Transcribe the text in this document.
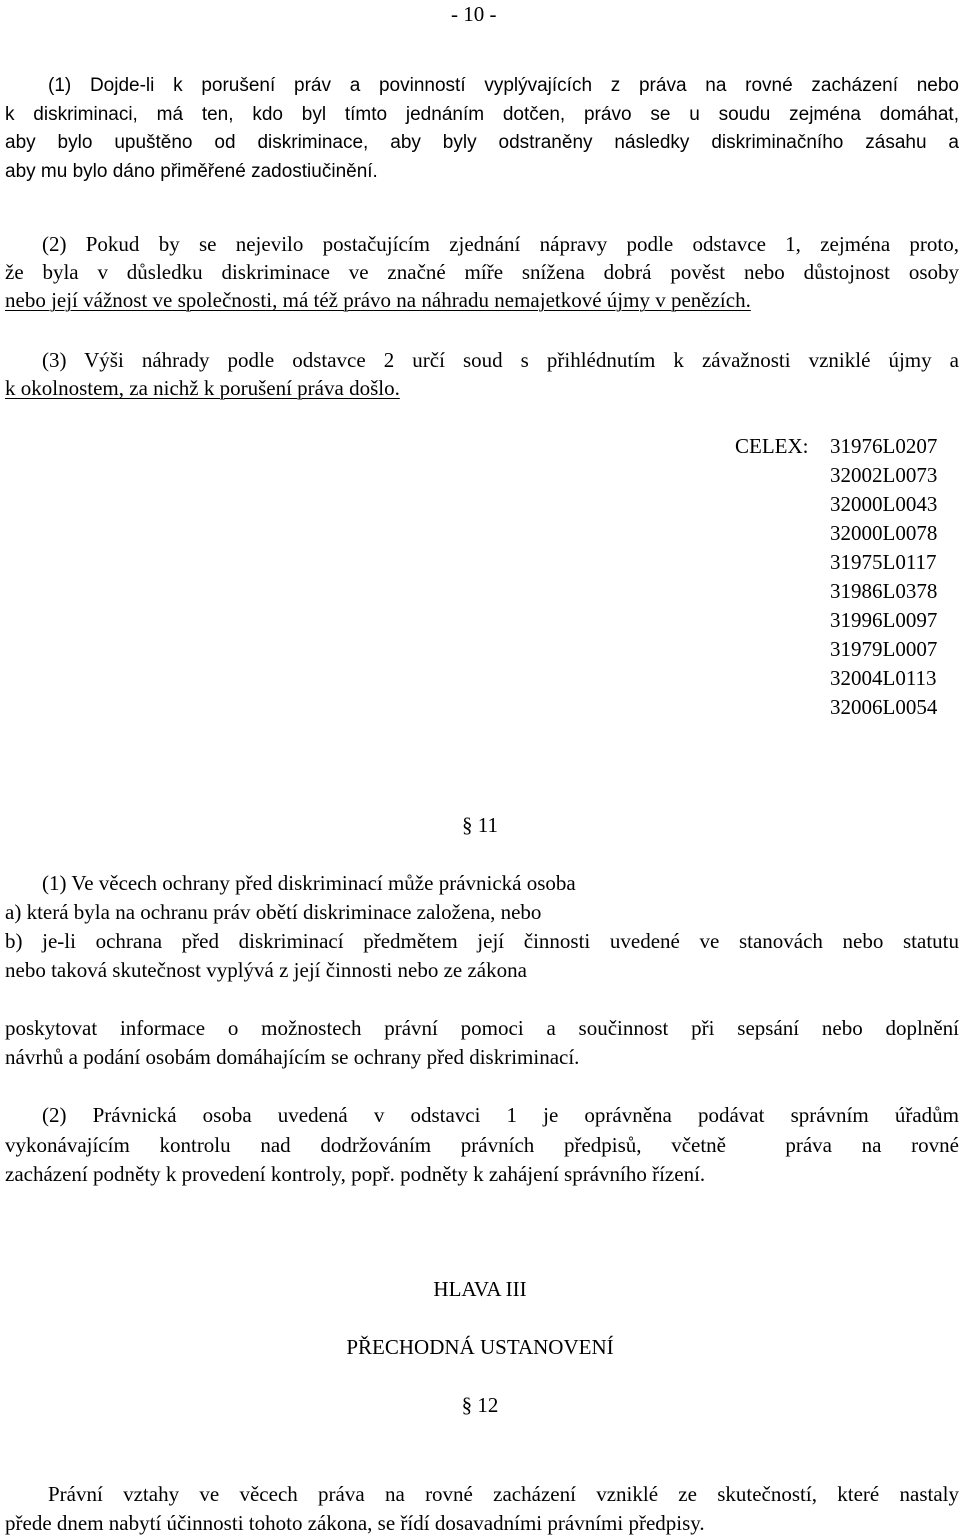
- 10 -
(1) Dojde-li k porušení práv a povinností vyplývajících z práva na rovné zacházení nebo
k diskriminaci, má ten, kdo byl tímto jednáním dotčen, právo se u soudu zejména domáhat,
aby bylo upuštěno od diskriminace, aby byly odstraněny následky diskriminačního zásahu a
aby mu bylo dáno přiměřené zadostiučinění.
(2) Pokud by se nejevilo postačujícím zjednání nápravy podle odstavce 1, zejména proto,
že byla v důsledku diskriminace ve značné míře snížena dobrá pověst nebo důstojnost osoby
nebo její vážnost ve společnosti, má též právo na náhradu nemajetkové újmy v penězích.
(3) Výši náhrady podle odstavce 2 určí soud s přihlédnutím k závažnosti vzniklé újmy a
k okolnostem, za nichž k porušení práva došlo.
CELEX: 31976L0207
32002L0073
32000L0043
32000L0078
31975L0117
31986L0378
31996L0097
31979L0007
32004L0113
32006L0054
§ 11
(1) Ve věcech ochrany před diskriminací může právnická osoba
a) která byla na ochranu práv obětí diskriminace založena, nebo
b) je-li ochrana před diskriminací předmětem její činnosti uvedené ve stanovách nebo statutu
nebo taková skutečnost vyplývá z její činnosti nebo ze zákona
poskytovat informace o možnostech právní pomoci a součinnost při sepsání nebo doplnění
návrhů a podání osobám domáhajícím se ochrany před diskriminací.
(2) Právnická osoba uvedená v odstavci 1 je oprávněna podávat správním úřadům
vykonávajícím kontrolu nad dodržováním právních předpisů, včetně  práva na rovné
zacházení podněty k provedení kontroly, popř. podněty k zahájení správního řízení.
HLAVA III
PŘECHODNÁ USTANOVENÍ
§ 12
Právní vztahy ve věcech práva na rovné zacházení vzniklé ze skutečností, které nastaly
přede dnem nabytí účinnosti tohoto zákona, se řídí dosavadními právními předpisy.
